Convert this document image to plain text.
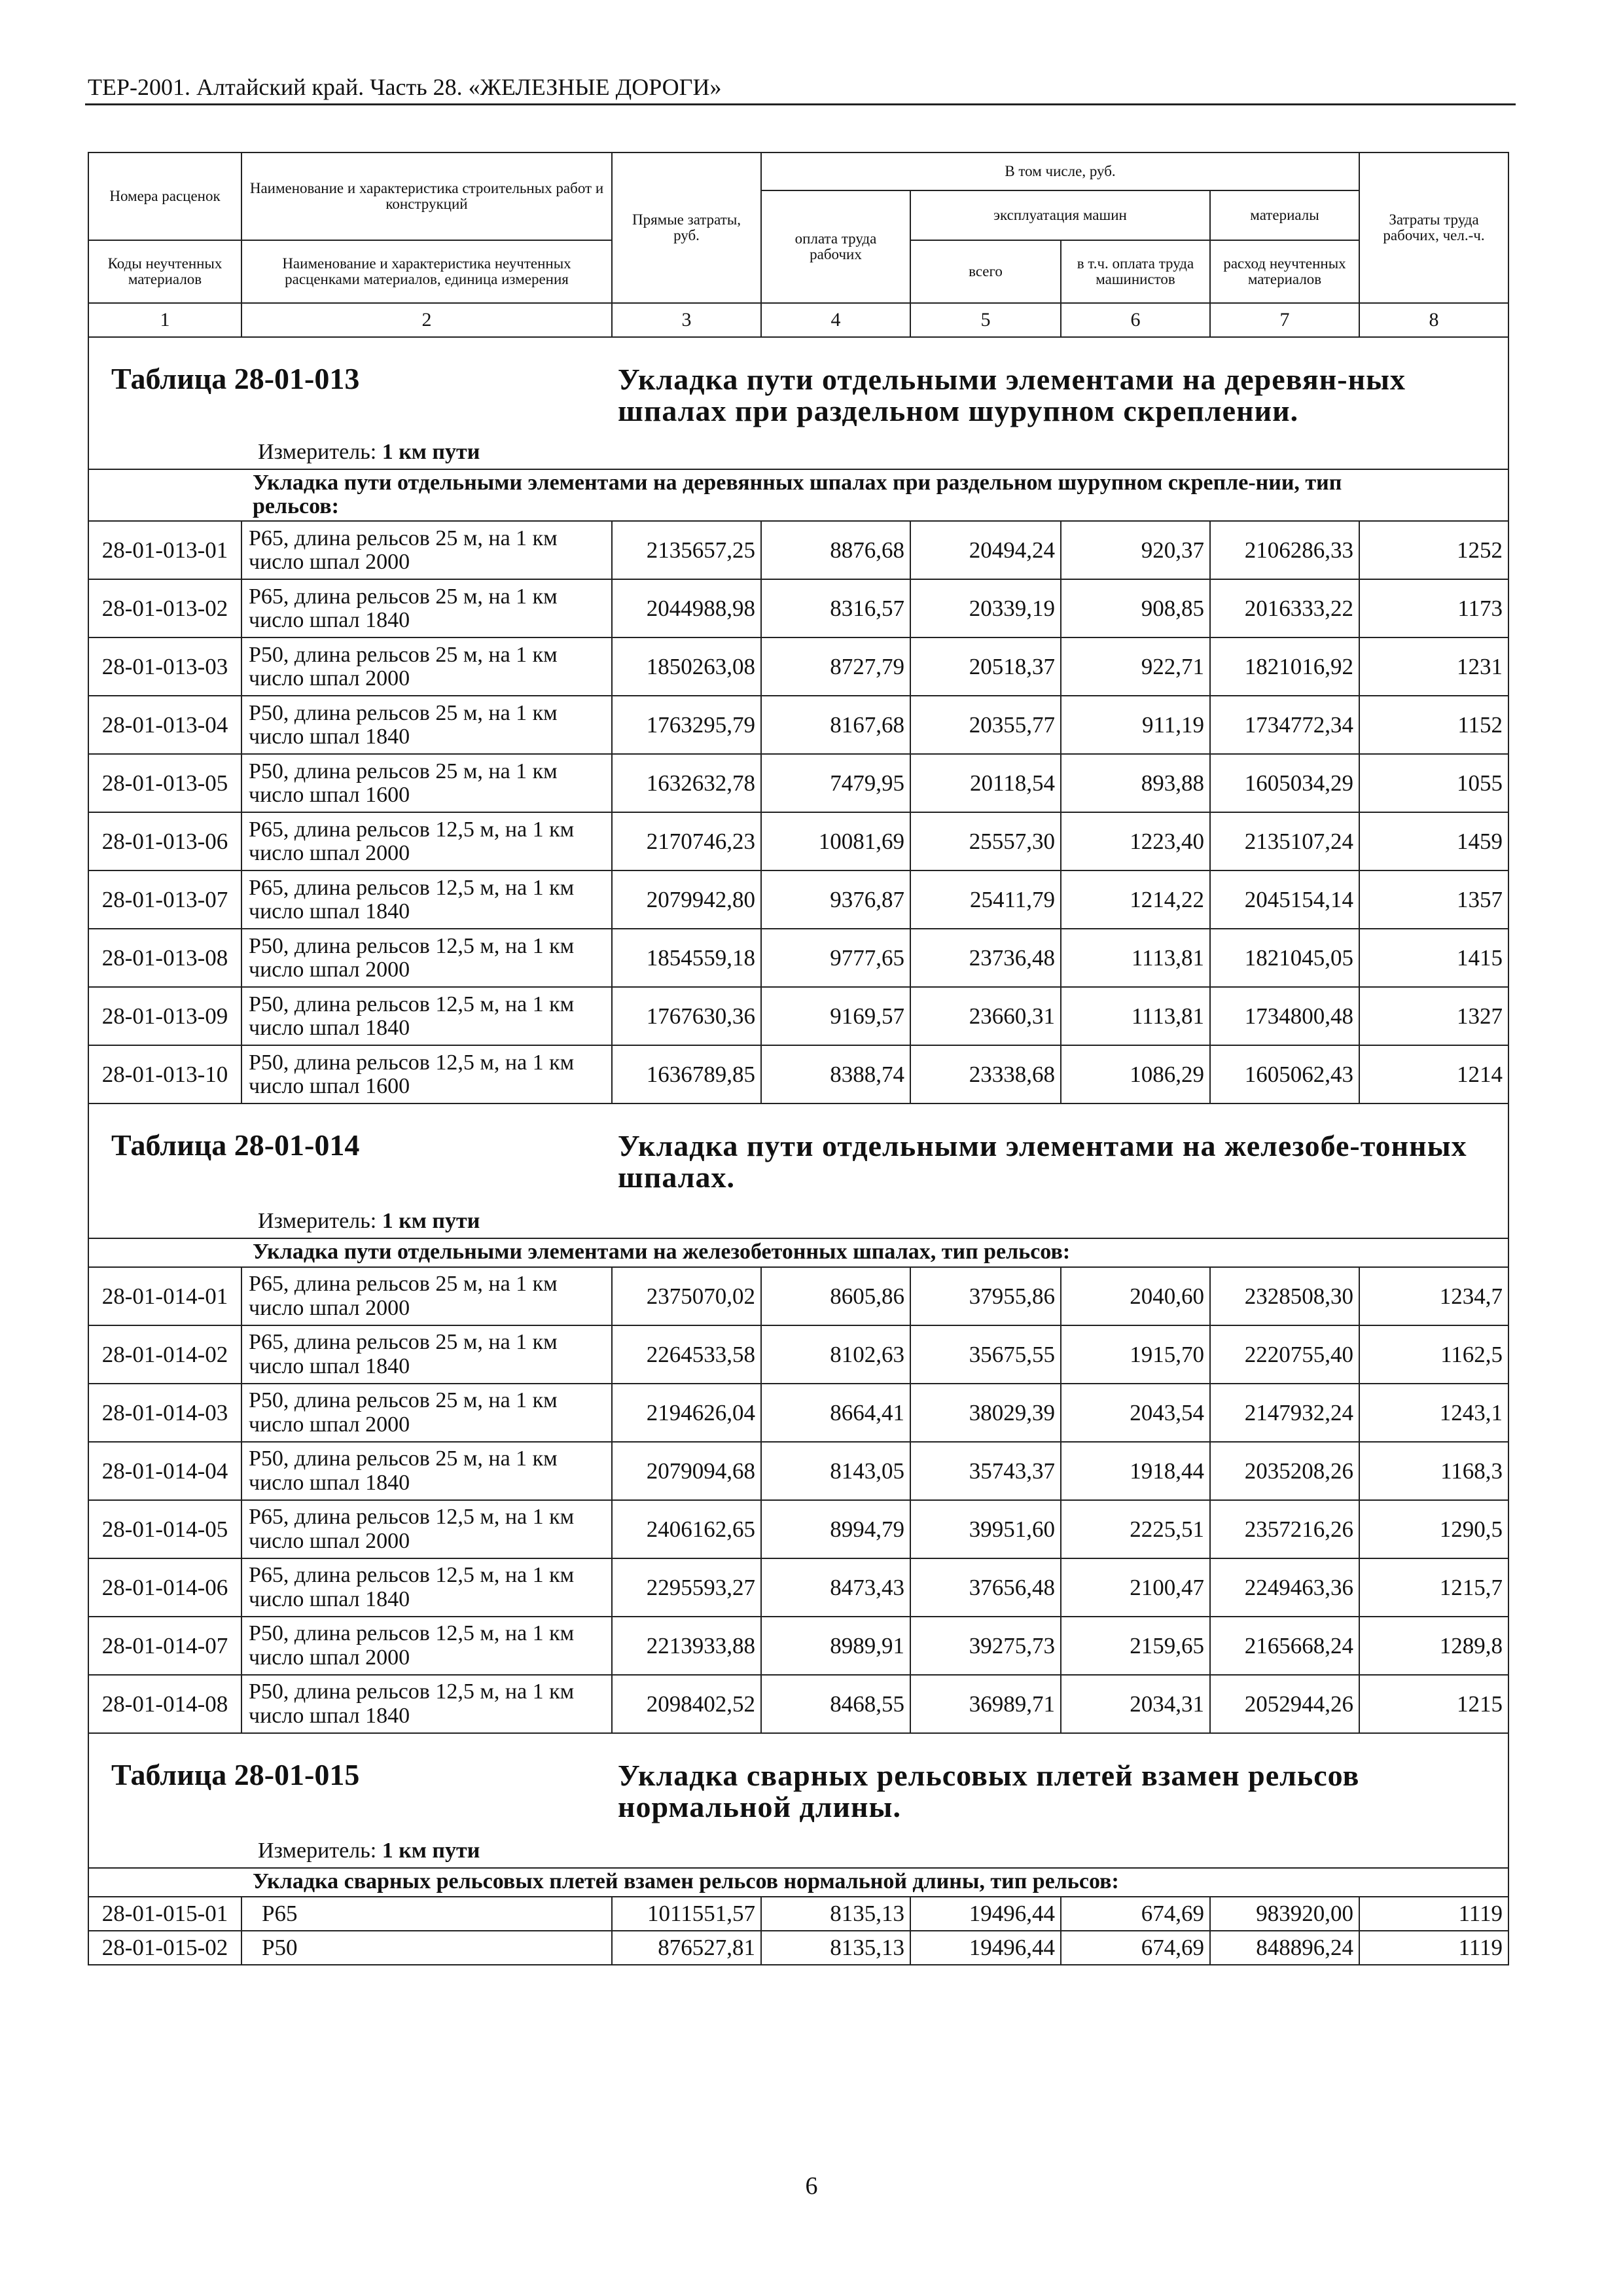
ТЕР-2001. Алтайский край. Часть 28. «ЖЕЛЕЗНЫЕ ДОРОГИ»
Номера расценок	Наименование и характеристика строительных работ и конструкций	Прямые затраты, руб.	В том числе, руб.				Затраты труда рабочих, чел.-ч.
			оплата труда рабочих	эксплуатация машин		материалы	
Коды неучтенных материалов	Наименование и характеристика неучтенных расценками материалов, единица измерения			всего	в т.ч. оплата труда машинистов	расход неучтенных материалов	
1	2	3	4	5	6	7	8

Таблица 28-01-013 Укладка пути отдельными элементами на деревян-ных шпалах при раздельном шурупном скреплении.
Измеритель: 1 км пути							

Укладка пути отдельными элементами на деревянных шпалах при раздельном шурупном скрепле-нии, тип рельсов:							
28-01-013-01	Р65, длина рельсов 25 м, на 1 км число шпал 2000	2135657,25	8876,68	20494,24	920,37	2106286,33	1252
28-01-013-02	Р65, длина рельсов 25 м, на 1 км число шпал 1840	2044988,98	8316,57	20339,19	908,85	2016333,22	1173
28-01-013-03	Р50, длина рельсов 25 м, на 1 км число шпал 2000	1850263,08	8727,79	20518,37	922,71	1821016,92	1231
28-01-013-04	Р50, длина рельсов 25 м, на 1 км число шпал 1840	1763295,79	8167,68	20355,77	911,19	1734772,34	1152
28-01-013-05	Р50, длина рельсов 25 м, на 1 км число шпал 1600	1632632,78	7479,95	20118,54	893,88	1605034,29	1055
28-01-013-06	Р65, длина рельсов 12,5 м, на 1 км число шпал 2000	2170746,23	10081,69	25557,30	1223,40	2135107,24	1459
28-01-013-07	Р65, длина рельсов 12,5 м, на 1 км число шпал 1840	2079942,80	9376,87	25411,79	1214,22	2045154,14	1357
28-01-013-08	Р50, длина рельсов 12,5 м, на 1 км число шпал 2000	1854559,18	9777,65	23736,48	1113,81	1821045,05	1415
28-01-013-09	Р50, длина рельсов 12,5 м, на 1 км число шпал 1840	1767630,36	9169,57	23660,31	1113,81	1734800,48	1327
28-01-013-10	Р50, длина рельсов 12,5 м, на 1 км число шпал 1600	1636789,85	8388,74	23338,68	1086,29	1605062,43	1214

Таблица 28-01-014 Укладка пути отдельными элементами на железобе-тонных шпалах.
Измеритель: 1 км пути							

Укладка пути отдельными элементами на железобетонных шпалах, тип рельсов:							
28-01-014-01	Р65, длина рельсов 25 м, на 1 км число шпал 2000	2375070,02	8605,86	37955,86	2040,60	2328508,30	1234,7
28-01-014-02	Р65, длина рельсов 25 м, на 1 км число шпал 1840	2264533,58	8102,63	35675,55	1915,70	2220755,40	1162,5
28-01-014-03	Р50, длина рельсов 25 м, на 1 км число шпал 2000	2194626,04	8664,41	38029,39	2043,54	2147932,24	1243,1
28-01-014-04	Р50, длина рельсов 25 м, на 1 км число шпал 1840	2079094,68	8143,05	35743,37	1918,44	2035208,26	1168,3
28-01-014-05	Р65, длина рельсов 12,5 м, на 1 км число шпал 2000	2406162,65	8994,79	39951,60	2225,51	2357216,26	1290,5
28-01-014-06	Р65, длина рельсов 12,5 м, на 1 км число шпал 1840	2295593,27	8473,43	37656,48	2100,47	2249463,36	1215,7
28-01-014-07	Р50, длина рельсов 12,5 м, на 1 км число шпал 2000	2213933,88	8989,91	39275,73	2159,65	2165668,24	1289,8
28-01-014-08	Р50, длина рельсов 12,5 м, на 1 км число шпал 1840	2098402,52	8468,55	36989,71	2034,31	2052944,26	1215

Таблица 28-01-015 Укладка сварных рельсовых плетей взамен рельсов нормальной длины.
Измеритель: 1 км пути							

Укладка сварных рельсовых плетей взамен рельсов нормальной длины, тип рельсов:							
28-01-015-01	Р65	1011551,57	8135,13	19496,44	674,69	983920,00	1119
28-01-015-02	Р50	876527,81	8135,13	19496,44	674,69	848896,24	1119
6
